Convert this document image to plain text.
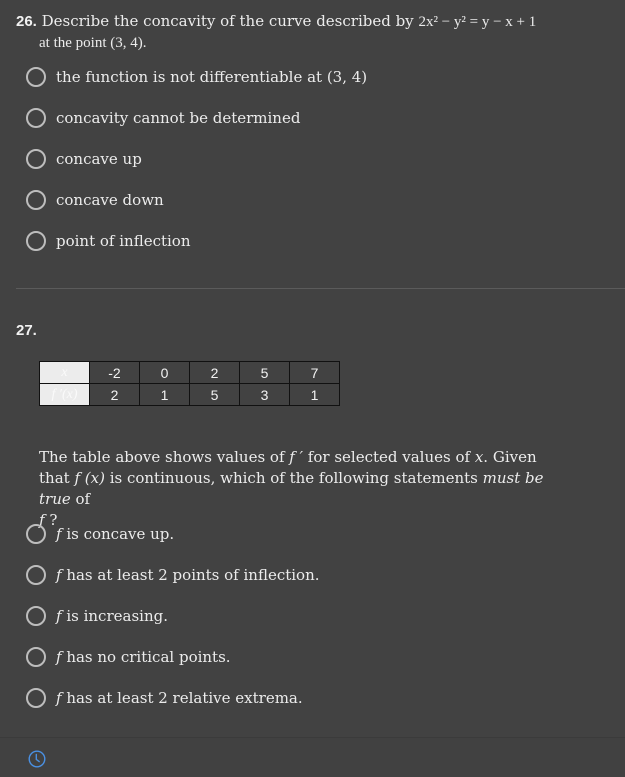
26. Describe the concavity of the curve described by 2x² − y² = y − x + 1
at the point (3, 4).
the function is not differentiable at (3, 4)
concavity cannot be determined
concave up
concave down
point of inflection
27.
x	-2	0	2	5	7
f ′(x)	2	1	5	3	1
The table above shows values of f ′ for selected values of x. Given that f (x) is continuous, which of the following statements must be true of
f ?
f is concave up.
f has at least 2 points of inflection.
f is increasing.
f has no critical points.
f has at least 2 relative extrema.
